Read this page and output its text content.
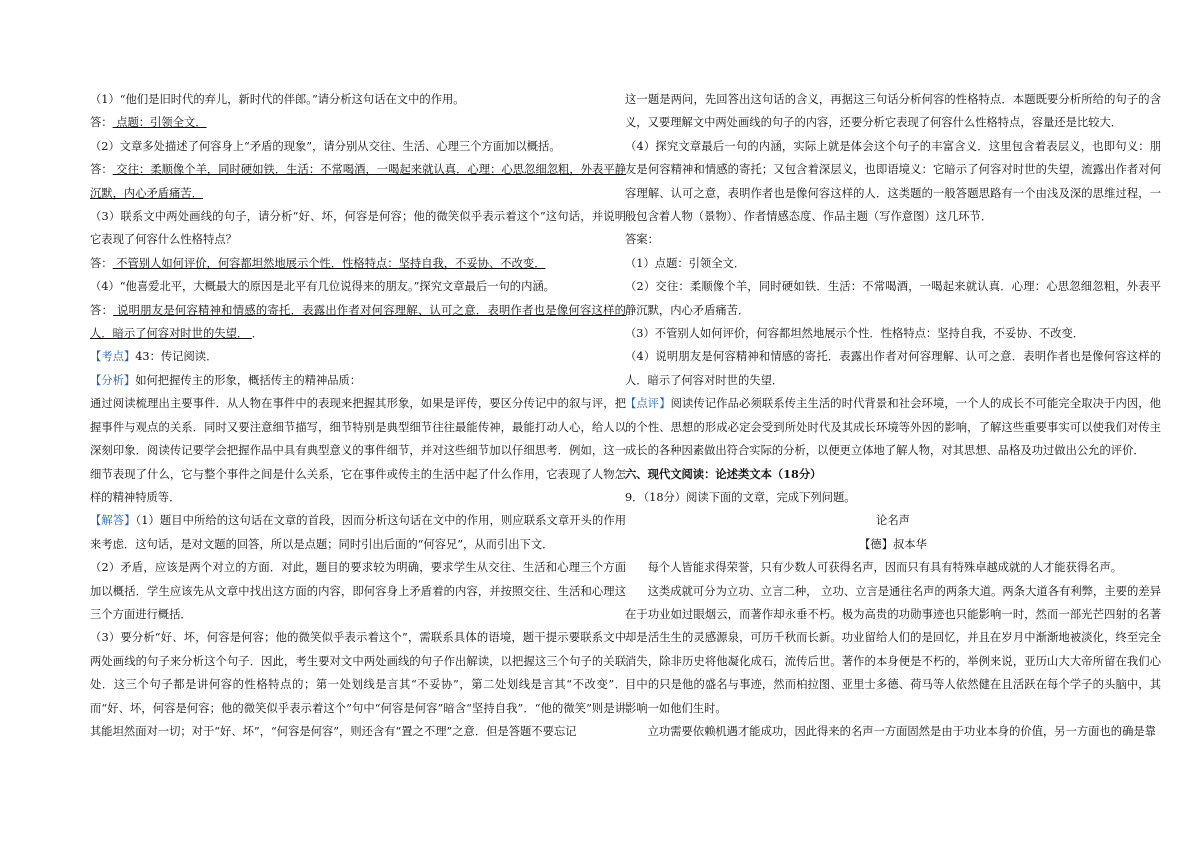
（1）“他们是旧时代的弃儿，新时代的伴郎。”请分析这句话在文中的作用。

答： 点题：引领全文．

（2）文章多处描述了何容身上“矛盾的现象”，请分别从交往、生活、心理三个方面加以概括。

答： 交往：柔顺像个羊，同时硬如铁．生活：不常喝酒，一喝起来就认真．心理：心思忽细忽粗，外表平静沉默，内心矛盾痛苦．

（3）联系文中两处画线的句子，请分析“好、坏，何容是何容；他的微笑似乎表示着这个”这句话，并说明它表现了何容什么性格特点？

答： 不管别人如何评价，何容都坦然地展示个性．性格特点：坚持自我，不妥协、不改变．

（4）“他喜爱北平，大概最大的原因是北平有几位说得来的朋友。”探究文章最后一句的内涵。

答： 说明朋友是何容精神和情感的寄托．表露出作者对何容理解、认可之意．表明作者也是像何容这样的人．暗示了何容对时世的失望． ．

【考点】43：传记阅读．

【分析】如何把握传主的形象，概括传主的精神品质：

通过阅读梳理出主要事件．从人物在事件中的表现来把握其形象，如果是评传，要区分传记中的叙与评，把握事件与观点的关系．同时又要注意细节描写，细节特别是典型细节往往最能传神，最能打动人心，给人以深刻印象．阅读传记要学会把握作品中具有典型意义的事件细节，并对这些细节加以仔细思考．例如，这一细节表现了什么，它与整个事件之间是什么关系，它在事件或传主的生活中起了什么作用，它表现了人物怎样的精神特质等．

【解答】（1）题目中所给的这句话在文章的首段，因而分析这句话在文中的作用，则应联系文章开头的作用来考虑．这句话，是对文题的回答，所以是点题；同时引出后面的“何容兄”，从而引出下文．

（2）矛盾，应该是两个对立的方面．对此，题目的要求较为明确，要求学生从交往、生活和心理三个方面加以概括．学生应该先从文章中找出这方面的内容，即何容身上矛盾着的内容，并按照交往、生活和心理这三个方面进行概括．

（3）要分析“好、坏，何容是何容；他的微笑似乎表示着这个”，需联系具体的语境，题干提示要联系文中两处画线的句子来分析这个句子．因此，考生要对文中两处画线的句子作出解读，以把握这三个句子的关联处．这三个句子都是讲何容的性格特点的；第一处划线是言其“不妥协”，第二处划线是言其“不改变”．而“好、坏，何容是何容；他的微笑似乎表示着这个”句中“何容是何容”暗含“坚持自我”．“他的微笑”则是讲其能坦然面对一切；对于“好、坏”，“何容是何容”，则还含有“置之不理”之意．但是答题不要忘记

这一题是两问，先回答出这句话的含义，再据这三句话分析何容的性格特点．本题既要分析所给的句子的含义，又要理解文中两处画线的句子的内容，还要分析它表现了何容什么性格特点，容量还是比较大．

（4）探究文章最后一句的内涵，实际上就是体会这个句子的丰富含义．这里包含着表层义，也即句义：朋友是何容精神和情感的寄托；又包含着深层义，也即语境义：它暗示了何容对时世的失望，流露出作者对何容理解、认可之意，表明作者也是像何容这样的人．这类题的一般答题思路有一个由浅及深的思维过程，一般包含着人物（景物）、作者情感态度、作品主题（写作意图）这几环节．

答案：

（1）点题：引领全文．

（2）交往：柔顺像个羊，同时硬如铁．生活：不常喝酒，一喝起来就认真．心理：心思忽细忽粗，外表平静沉默，内心矛盾痛苦．

（3）不管别人如何评价，何容都坦然地展示个性．性格特点：坚持自我，不妥协、不改变．

（4）说明朋友是何容精神和情感的寄托．表露出作者对何容理解、认可之意．表明作者也是像何容这样的人．暗示了何容对时世的失望．

【点评】阅读传记作品必须联系传主生活的时代背景和社会环境，一个人的成长不可能完全取决于内因，他的个性、思想的形成必定会受到所处时代及其成长环境等外因的影响，了解这些重要事实可以使我们对传主成长的各种因素做出符合实际的分析，以便更立体地了解人物，对其思想、品格及功过做出公允的评价．

六、现代文阅读：论述类文本（18分）

9．（18分）阅读下面的文章，完成下列问题。

论名声

【德】叔本华

每个人皆能求得荣誉，只有少数人可获得名声，因而只有具有特殊卓越成就的人才能获得名声。

这类成就可分为立功、立言二种， 立功、立言是通往名声的两条大道。两条大道各有利弊，主要的差异在于功业如过眼烟云，而著作却永垂不朽。极为高贵的功勋事迹也只能影响一时，然而一部光芒四射的名著却是活生生的灵感源泉，可历千秋而长新。功业留给人们的是回忆，并且在岁月中渐渐地被淡化，终至完全消失，除非历史将他凝化成石，流传后世。著作的本身便是不朽的，举例来说，亚历山大大帝所留在我们心目中的只是他的盛名与事迹，然而柏拉图、亚里士多德、荷马等人依然健在且活跃在每个学子的头脑中，其影响一如他们生时。

立功需要依赖机遇才能成功，因此得来的名声一方面固然是由于功业本身的价值，另一方面也的确是靠
